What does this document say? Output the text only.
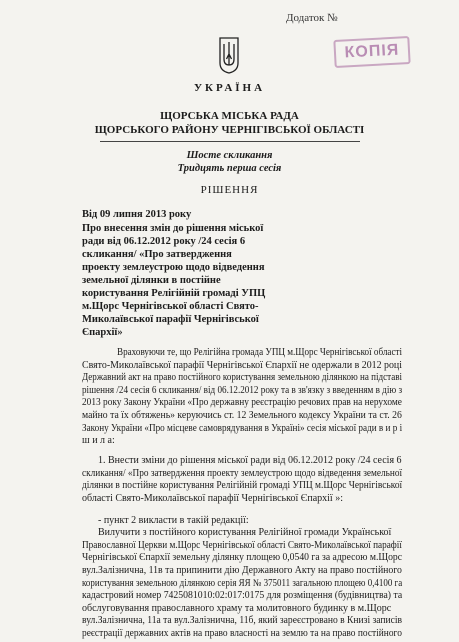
Додаток №
КОПІЯ
УКРАЇНА
ЩОРСЬКА МІСЬКА РАДА
ЩОРСЬКОГО РАЙОНУ ЧЕРНІГІВСЬКОЇ ОБЛАСТІ
Шосте скликання
Тридцять перша сесія
РІШЕННЯ
Від 09 липня 2013 року
Про внесення змін до рішення міської
ради від 06.12.2012 року /24 сесія 6
скликання/ «Про затвердження
проекту землеустрою щодо відведення
земельної ділянки в постійне
користування Релігійній громаді УПЦ
м.Щорс Чернігівської області Свято-
Миколаївської парафії Чернігівської
Єпархії»
Враховуючи те, що Релігійна громада УПЦ м.Щорс Чернігівської області
Свято-Миколаївської парафії Чернігівської Єпархії не одержали в 2012 році
Державний акт на право постійного користування земельною ділянкою на підставі
рішення /24 сесія 6 скликання/ від 06.12.2012 року та в зв'язку з введенням в дію з
2013 року Закону України «Про державну реєстрацію речових прав на нерухоме
майно та їх обтяжень» керуючись ст. 12 Земельного кодексу України та ст. 26
Закону України «Про місцеве самоврядування в Україні» сесія міської ради в и р і
ш и л а:
1. Внести зміни до рішення міської ради від 06.12.2012 року /24 сесія 6
скликання/ «Про затвердження проекту землеустрою щодо відведення земельної
ділянки в постійне користування Релігійній громаді УПЦ м.Щорс Чернігівської
області Свято-Миколаївської парафії Чернігівської Єпархії »:
- пункт 2 викласти в такій редакції:
Вилучити з постійного користування Релігійної громади Української
Православної Церкви м.Щорс Чернігівської області Свято-Миколаївської парафії
Чернігівської Єпархії земельну ділянку площею 0,0540 га за адресою м.Щорс
вул.Залізнична, 11в та припинити дію Державного Акту на право постійного
користування земельною ділянкою серія ЯЯ № 375011 загальною площею 0,4100 га
кадастровий номер 7425081010:02:017:0175 для розміщення (будівництва) та
обслуговування православного храму та молитовного будинку в м.Щорс
вул.Залізнична, 11а та вул.Залізнична, 11б, який зареєстровано в Книзі записів
реєстрації державних актів на право власності на землю та на право постійного
